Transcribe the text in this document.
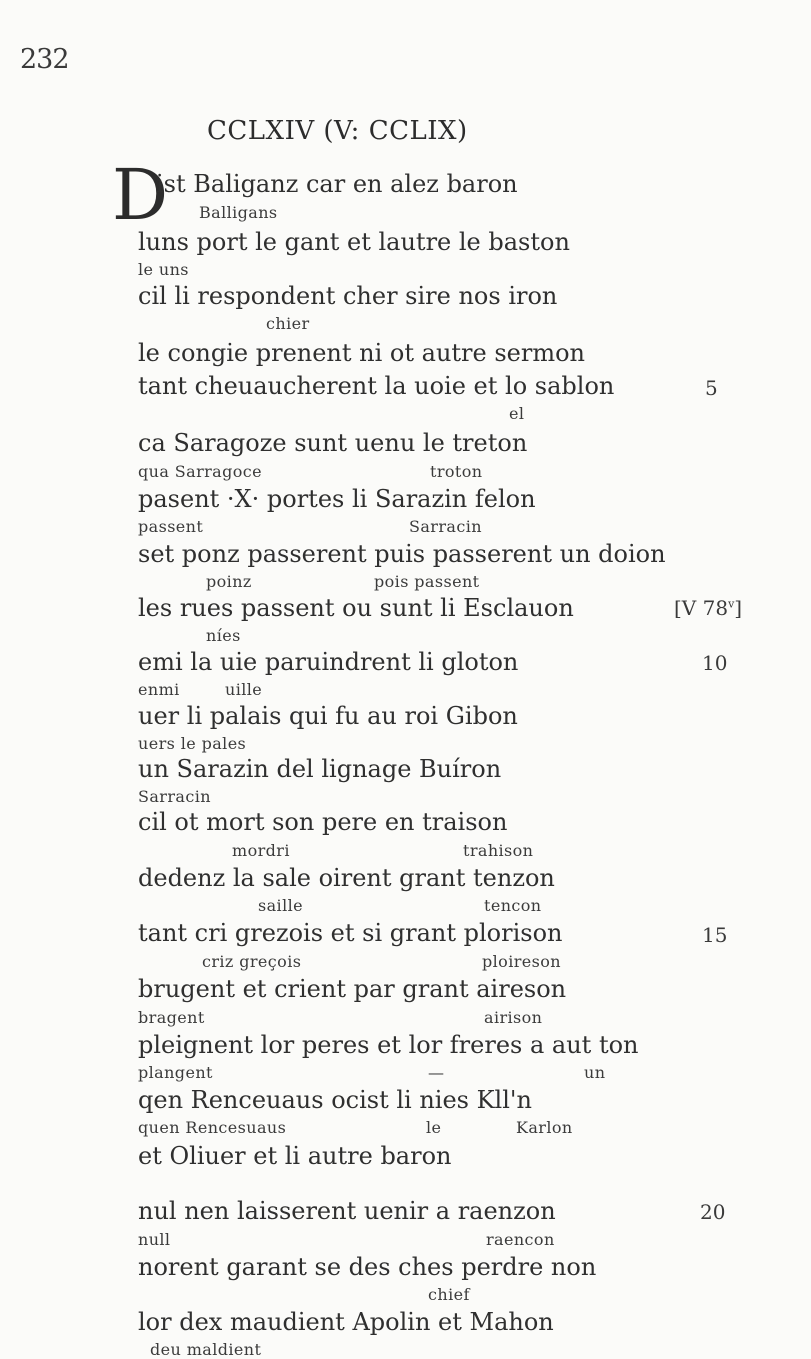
232
CCLXIV (V: CCLIX)
D
ist Baliganz car en alez baron
Balligans
luns port le gant et lautre le baston
le uns
cil li respondent cher sire nos iron
chier
le congie prenent ni ot autre sermon
tant cheuaucherent la uoie et lo sablon
el
ca Saragoze sunt uenu le treton
qua Sarragoce	troton
pasent ·X· portes li Sarazin felon
passent	Sarracin
set ponz passerent puis passerent un doion
poinz	pois passent
les rues passent ou sunt li Esclauon
níes
emi la uie paruindrent li gloton
enmi	uille
uer li palais qui fu au roi Gibon
uers le pales
un Sarazin del lignage Buíron
Sarracin
cil ot mort son pere en traison
mordri	trahison
dedenz la sale oirent grant tenzon
saille	tencon
tant cri grezois et si grant plorison
criz greçois	ploireson
brugent et crient par grant aireson
bragent	airison
pleignent lor peres et lor freres a aut ton
plangent	—	un
qen Renceuaus ocist li nies Kll'n
quen Rencesuaus	le	Karlon
et Oliuer et li autre baron
nul nen laisserent uenir a raenzon
null	raencon
norent garant se des ches perdre non
chief
lor dex maudient Apolin et Mahon
deu maldient
5
[V 78$^v$]
10
15
20
